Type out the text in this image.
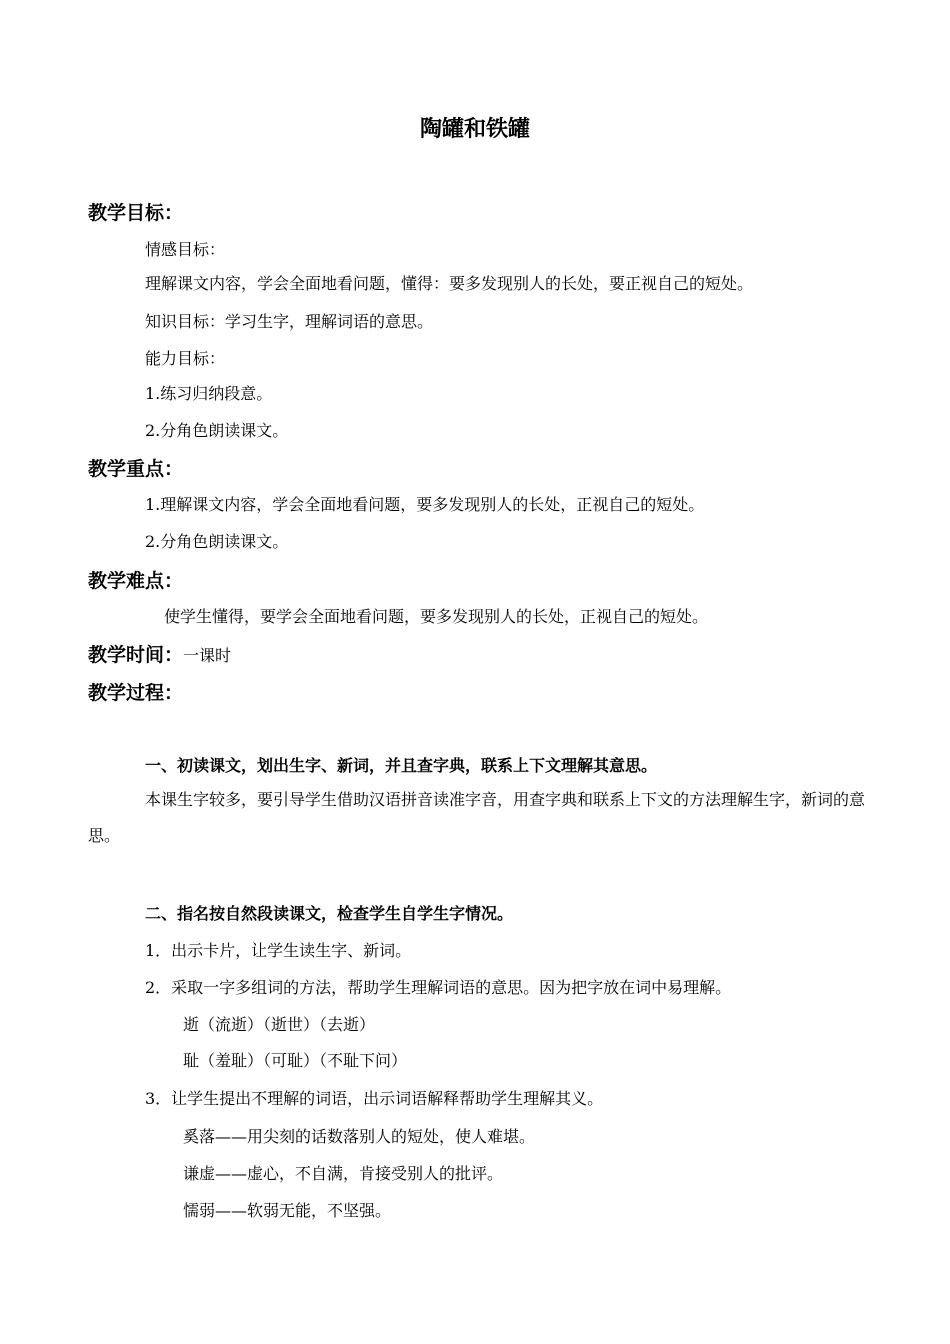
陶罐和铁罐
教学目标：
情感目标：
理解课文内容，学会全面地看问题，懂得：要多发现别人的长处，要正视自己的短处。
知识目标：学习生字，理解词语的意思。
能力目标：
1.练习归纳段意。
2.分角色朗读课文。
教学重点：
1.理解课文内容，学会全面地看问题，要多发现别人的长处，正视自己的短处。
2.分角色朗读课文。
教学难点：
使学生懂得，要学会全面地看问题，要多发现别人的长处，正视自己的短处。
教学时间：一课时
教学过程：
一、初读课文，划出生字、新词，并且查字典，联系上下文理解其意思。
本课生字较多，要引导学生借助汉语拼音读准字音，用查字典和联系上下文的方法理解生字，新词的意思。
二、指名按自然段读课文，检查学生自学生字情况。
1．出示卡片，让学生读生字、新词。
2．采取一字多组词的方法，帮助学生理解词语的意思。因为把字放在词中易理解。
逝（流逝）（逝世）（去逝）
耻（羞耻）（可耻）（不耻下问）
3．让学生提出不理解的词语，出示词语解释帮助学生理解其义。
奚落——用尖刻的话数落别人的短处，使人难堪。
谦虚——虚心，不自满，肯接受别人的批评。
懦弱——软弱无能，不坚强。
